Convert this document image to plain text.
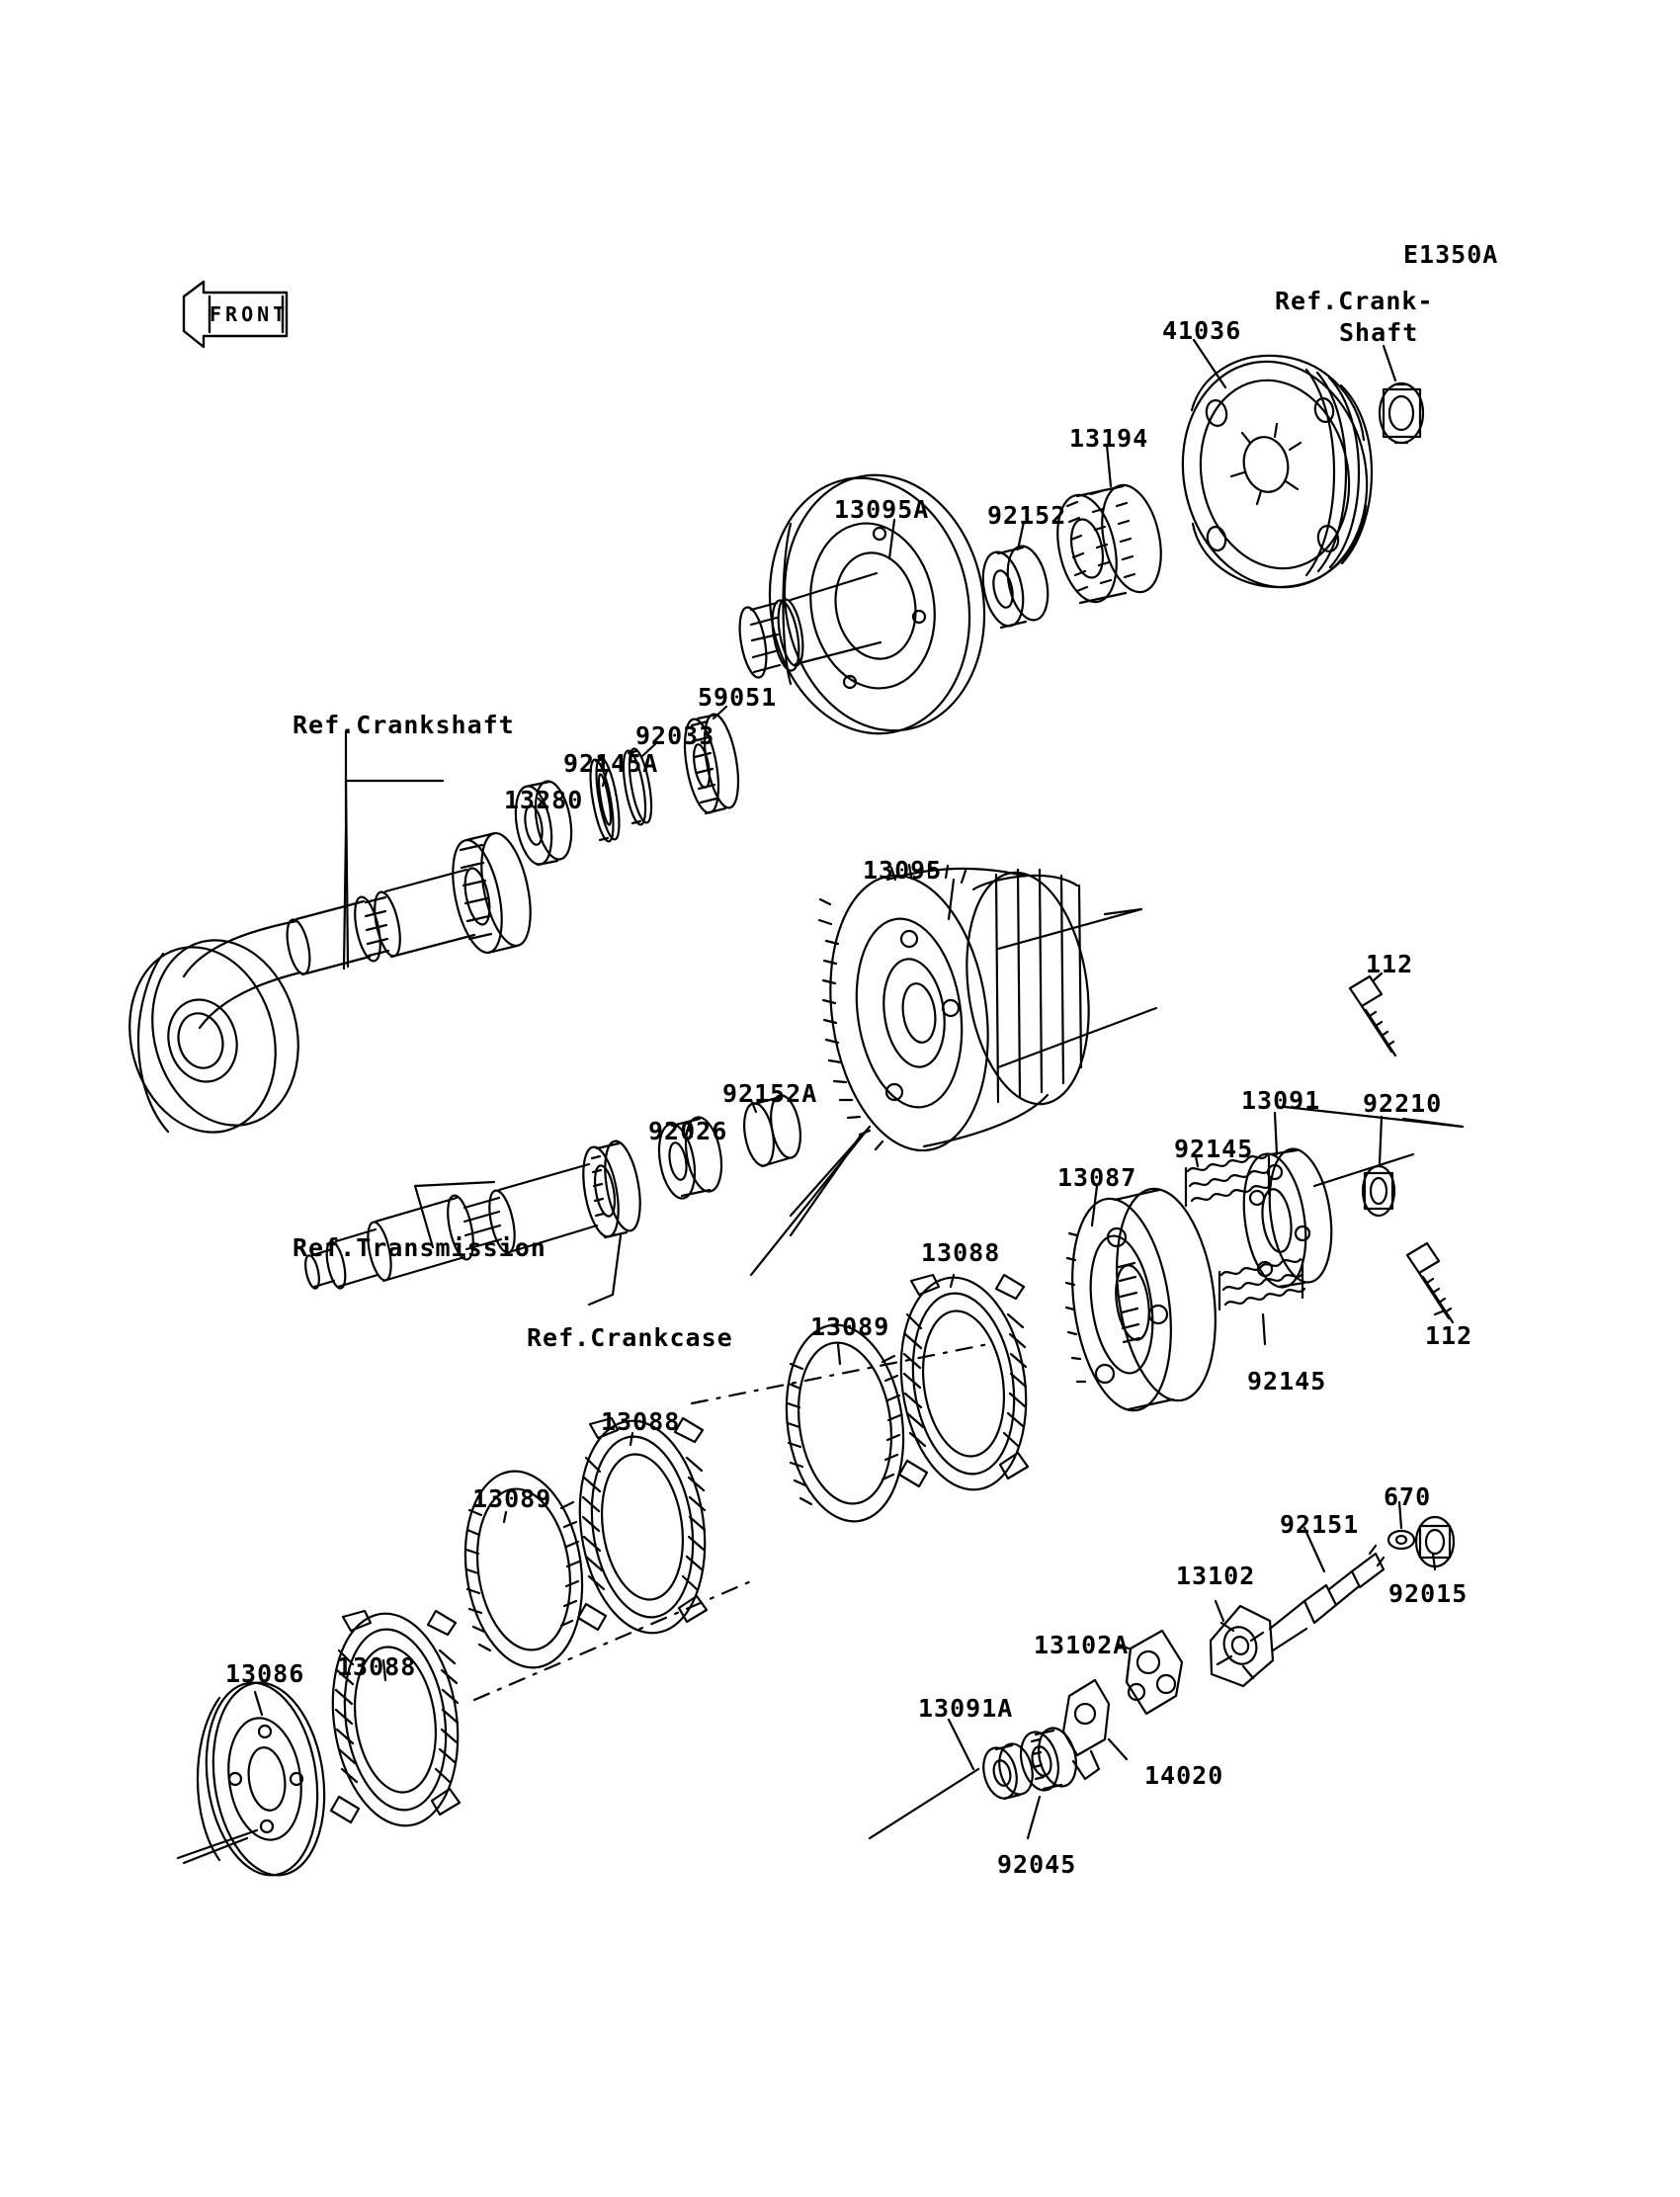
E1350A
Ref.Crank-
Shaft
Ref.Crankshaft
Ref.Transmission
Ref.Crankcase
41036
13194
92152
13095A
59051
92033
92145A
13280
13095
112
92152A
92026
13091 92210
92145
13087
13088
13089
92145
112
13088
13089	670
92151
13102
92015
13088
13102A
13086
13091A
14020
92045
FRONT
